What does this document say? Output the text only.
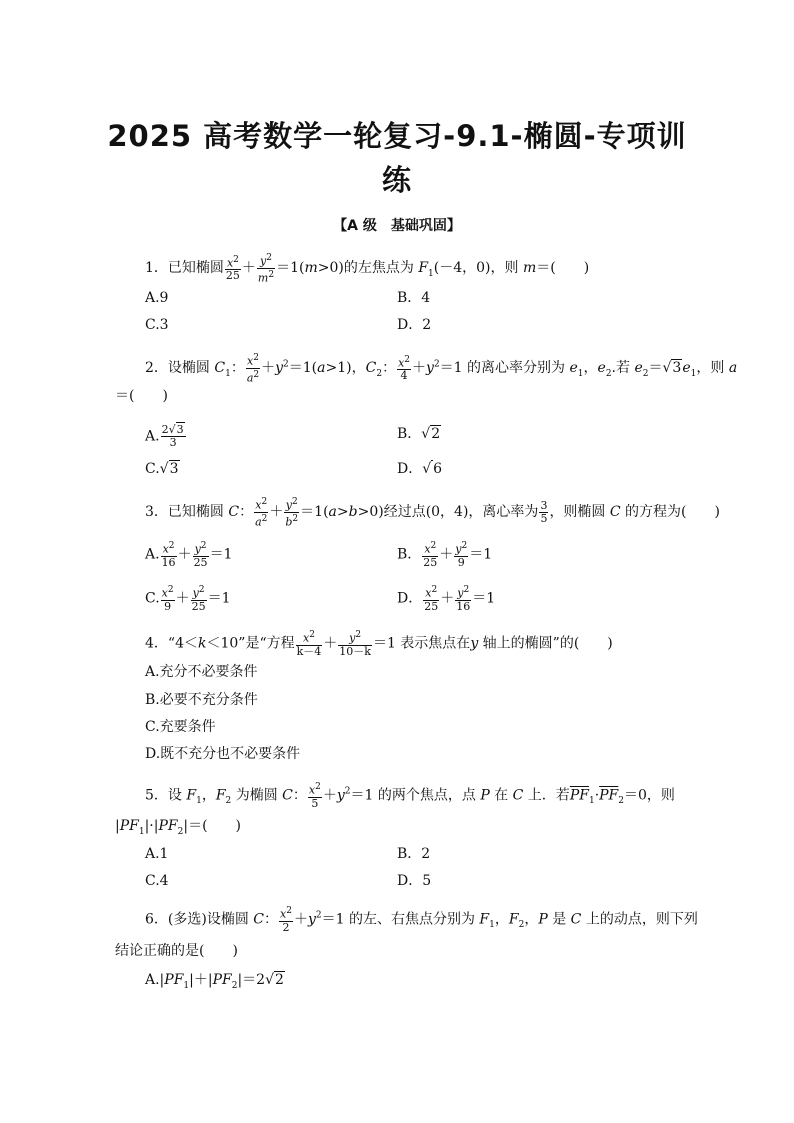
2025 高考数学一轮复习-9.1-椭圆-专项训
练
【A 级　基础巩固】
1．已知椭圆 $\frac{x^2}{25} + \frac{y^2}{m^2} =1(m>0)$的左焦点为 $F_1(-4$，0)，则 m＝(　　)
A.9	B．4
C.3	D．2
2．设椭圆 $C_1$： $\frac{x^2}{a^2} +y^2=1(a>1)$，$C_2$： $\frac{x^2}{4} +y^2=1$ 的离心率分别为 $e_1$，$e_2$.若 $e_2=√3e_1$，则 a
＝(　　)
A. $\frac{2√3}{3}$	B．√2
C.√3	D．√ 6
3．已知椭圆 C： $\frac{x^2}{a^2} + \frac{y^2}{b^2} =1(a>b>0)$经过点(0，4)，离心率为 $\frac{3}{5}$ ，则椭圆 C 的方程为(　　)
A. $\frac{x^2}{16} + \frac{y^2}{25} =1$	B． $\frac{x^2}{25} + \frac{y^2}{9} =1$
C. $\frac{x^2}{9} + \frac{y^2}{25} =1$	D． $\frac{x^2}{25} + \frac{y^2}{16} =1$
4．“4＜k＜10”是“方程 $\frac{x^2}{k-4} + \frac{y^2}{10-k} =1$ 表示焦点在y 轴上的椭圆”的(　　)
A.充分不必要条件
B.必要不充分条件
C.充要条件
D.既不充分也不必要条件
5．设 $F_1$，$F_2$ 为椭圆 C： $\frac{x^2}{5} +y^2=1$ 的两个焦点，点 P 在 C 上．若$\overline{PF}_1\cdot\overline{PF}_2=0$，则
$|PF_1|\cdot|PF_2|=$(　　)
A.1	B．2
C.4	D．5
6．(多选)设椭圆 C： $\frac{x^2}{2} +y^2=1$ 的左、右焦点分别为 $F_1$，$F_2$，P 是 C 上的动点，则下列
结论正确的是(　　)
$A.|PF_1|+|PF_2|=2√2$
